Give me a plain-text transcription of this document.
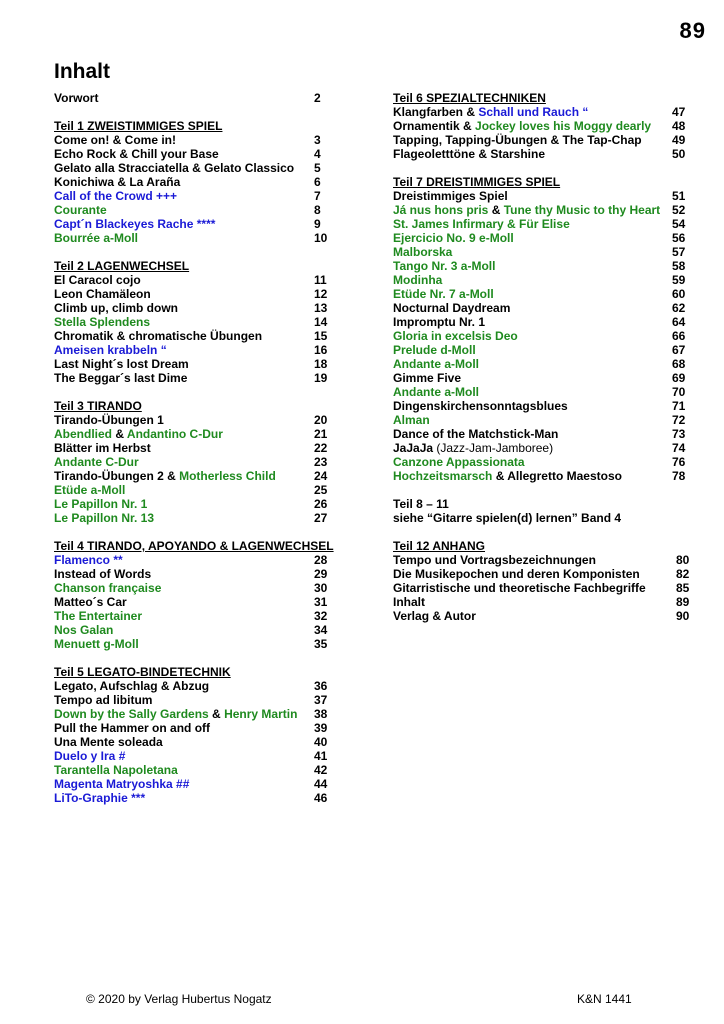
89
Inhalt
Vorwort	2
Teil 1 ZWEISTIMMIGES SPIEL
Come on! & Come in!	3
Echo Rock & Chill your Base	4
Gelato alla Stracciatella & Gelato Classico 5
Konichiwa & La Araña	6
Call of the Crowd +++	7
Courante	8
Capt´n Blackeyes Rache ****	9
Bourrée a-Moll	10
Teil 2 LAGENWECHSEL
El Caracol cojo	11
Leon Chamäleon	12
Climb up, climb down	13
Stella Splendens	14
Chromatik & chromatische Übungen	15
Ameisen krabbeln “	16
Last Night´s lost Dream	18
The Beggar´s last Dime	19
Teil 3 TIRANDO
Tirando-Übungen 1	20
Abendlied & Andantino C-Dur	21
Blätter im Herbst	22
Andante C-Dur	23
Tirando-Übungen 2 & Motherless Child	24
Etüde a-Moll	25
Le Papillon Nr. 1	26
Le Papillon Nr. 13	27
Teil 4 TIRANDO, APOYANDO & LAGENWECHSEL
Flamenco **	28
Instead of Words	29
Chanson française	30
Matteo´s Car	31
The Entertainer	32
Nos Galan	34
Menuett g-Moll	35
Teil 5 LEGATO-BINDETECHNIK
Legato, Aufschlag & Abzug	36
Tempo ad libitum	37
Down by the Sally Gardens & Henry Martin 38
Pull the Hammer on and off	39
Una Mente soleada	40
Duelo y Ira #	41
Tarantella Napoletana	42
Magenta Matryoshka ##	44
LiTo-Graphie ***	46
Teil 6 SPEZIALTECHNIKEN
Klangfarben & Schall und Rauch “	47
Ornamentik & Jockey loves his Moggy dearly 48
Tapping, Tapping-Übungen & The Tap-Chap	49
Flageoletttöne & Starshine	50
Teil 7 DREISTIMMIGES SPIEL
Dreistimmiges Spiel	51
Já nus hons pris & Tune thy Music to thy Heart 52
St. James Infirmary & Für Elise	54
Ejercicio No. 9 e-Moll	56
Malborska	57
Tango Nr. 3 a-Moll	58
Modinha	59
Etüde Nr. 7 a-Moll	60
Nocturnal Daydream	62
Impromptu Nr. 1	64
Gloria in excelsis Deo	66
Prelude d-Moll	67
Andante a-Moll	68
Gimme Five	69
Andante a-Moll	70
Dingenskirchensonntagsblues	71
Alman	72
Dance of the Matchstick-Man	73
JaJaJa (Jazz-Jam-Jamboree)	74
Canzone Appassionata	76
Hochzeitsmarsch & Allegretto Maestoso	78
Teil 8 – 11
siehe “Gitarre spielen(d) lernen” Band 4
Teil 12 ANHANG
Tempo und Vortragsbezeichnungen	80
Die Musikepochen und deren Komponisten	82
Gitarristische und theoretische Fachbegriffe	85
Inhalt	89
Verlag & Autor	90
© 2020 by Verlag Hubertus Nogatz	K&N 1441
